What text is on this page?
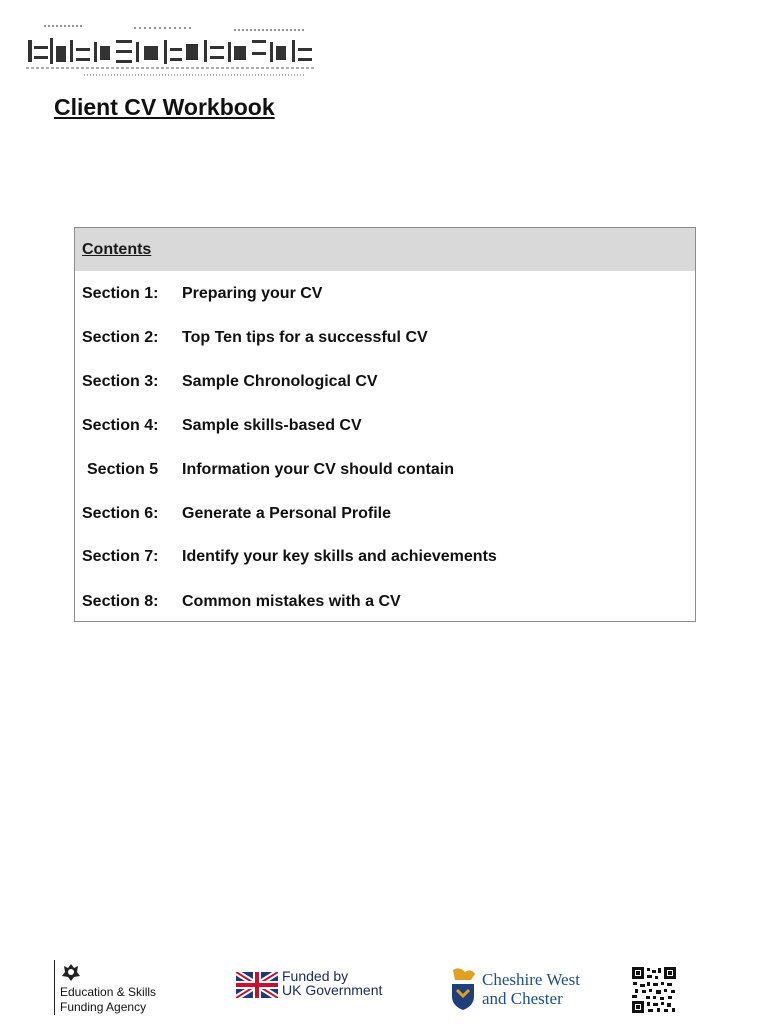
Client CV Workbook
Contents
Section 1:	Preparing your CV
Section 2:	Top Ten tips for a successful CV
Section 3:	Sample Chronological CV
Section 4:	Sample skills-based CV
Section 5	Information your CV should contain
Section 6:	Generate a Personal Profile
Section 7:	Identify your key skills and achievements
Section 8:	Common mistakes with a CV
Education & Skills
Funding Agency
Funded by
UK Government
Cheshire West
and Chester
